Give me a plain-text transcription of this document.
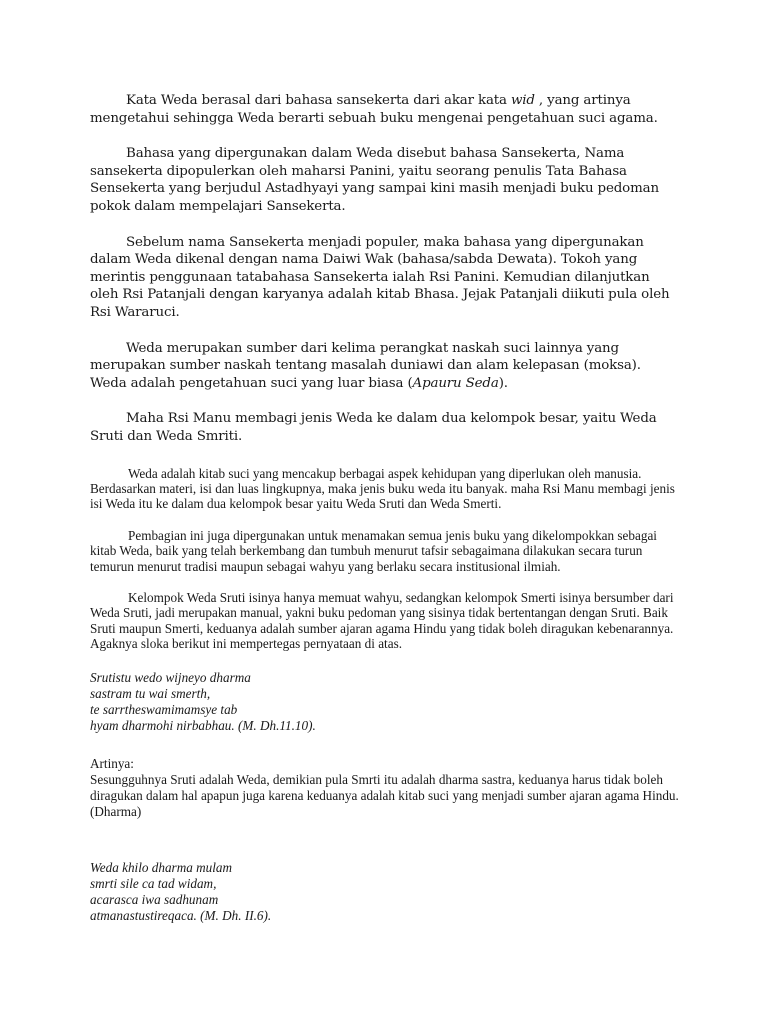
Kata Weda berasal dari bahasa sansekerta dari akar kata wid , yang artinya mengetahui sehingga Weda berarti sebuah buku mengenai pengetahuan suci agama.

Bahasa yang dipergunakan dalam Weda disebut bahasa Sansekerta, Nama sansekerta dipopulerkan oleh maharsi Panini, yaitu seorang penulis Tata Bahasa Sensekerta yang berjudul Astadhyayi yang sampai kini masih menjadi buku pedoman pokok dalam mempelajari Sansekerta.

Sebelum nama Sansekerta menjadi populer, maka bahasa yang dipergunakan dalam Weda dikenal dengan nama Daiwi Wak (bahasa/sabda Dewata). Tokoh yang merintis penggunaan tatabahasa Sansekerta ialah Rsi Panini. Kemudian dilanjutkan oleh Rsi Patanjali dengan karyanya adalah kitab Bhasa. Jejak Patanjali diikuti pula oleh Rsi Wararuci.

Weda merupakan sumber dari kelima perangkat naskah suci lainnya yang merupakan sumber naskah tentang masalah duniawi dan alam kelepasan (moksa). Weda adalah pengetahuan suci yang luar biasa (Apauru Seda).

Maha Rsi Manu membagi jenis Weda ke dalam dua kelompok besar, yaitu Weda Sruti dan Weda Smriti.

Weda adalah kitab suci yang mencakup berbagai aspek kehidupan yang diperlukan oleh manusia. Berdasarkan materi, isi dan luas lingkupnya, maka jenis buku weda itu banyak. maha Rsi Manu membagi jenis isi Weda itu ke dalam dua kelompok besar yaitu Weda Sruti dan Weda Smerti.

Pembagian ini juga dipergunakan untuk menamakan semua jenis buku yang dikelompokkan sebagai kitab Weda, baik yang telah berkembang dan tumbuh menurut tafsir sebagaimana dilakukan secara turun temurun menurut tradisi maupun sebagai wahyu yang berlaku secara institusional ilmiah.

Kelompok Weda Sruti isinya hanya memuat wahyu, sedangkan kelompok Smerti isinya bersumber dari Weda Sruti, jadi merupakan manual, yakni buku pedoman yang sisinya tidak bertentangan dengan Sruti. Baik Sruti maupun Smerti, keduanya adalah sumber ajaran agama Hindu yang tidak boleh diragukan kebenarannya. Agaknya sloka berikut ini mempertegas pernyataan di atas.

Srutistu wedo wijneyo dharma

sastram tu wai smerth,

te sarrtheswamimamsye tab

hyam dharmohi nirbabhau. (M. Dh.11.10).

Artinya:

Sesungguhnya Sruti adalah Weda, demikian pula Smrti itu adalah dharma sastra, keduanya harus tidak boleh diragukan dalam hal apapun juga karena keduanya adalah kitab suci yang menjadi sumber ajaran agama Hindu. (Dharma)

Weda khilo dharma mulam

smrti sile ca tad widam,

acarasca iwa sadhunam

atmanastustireqaca. (M. Dh. II.6).
